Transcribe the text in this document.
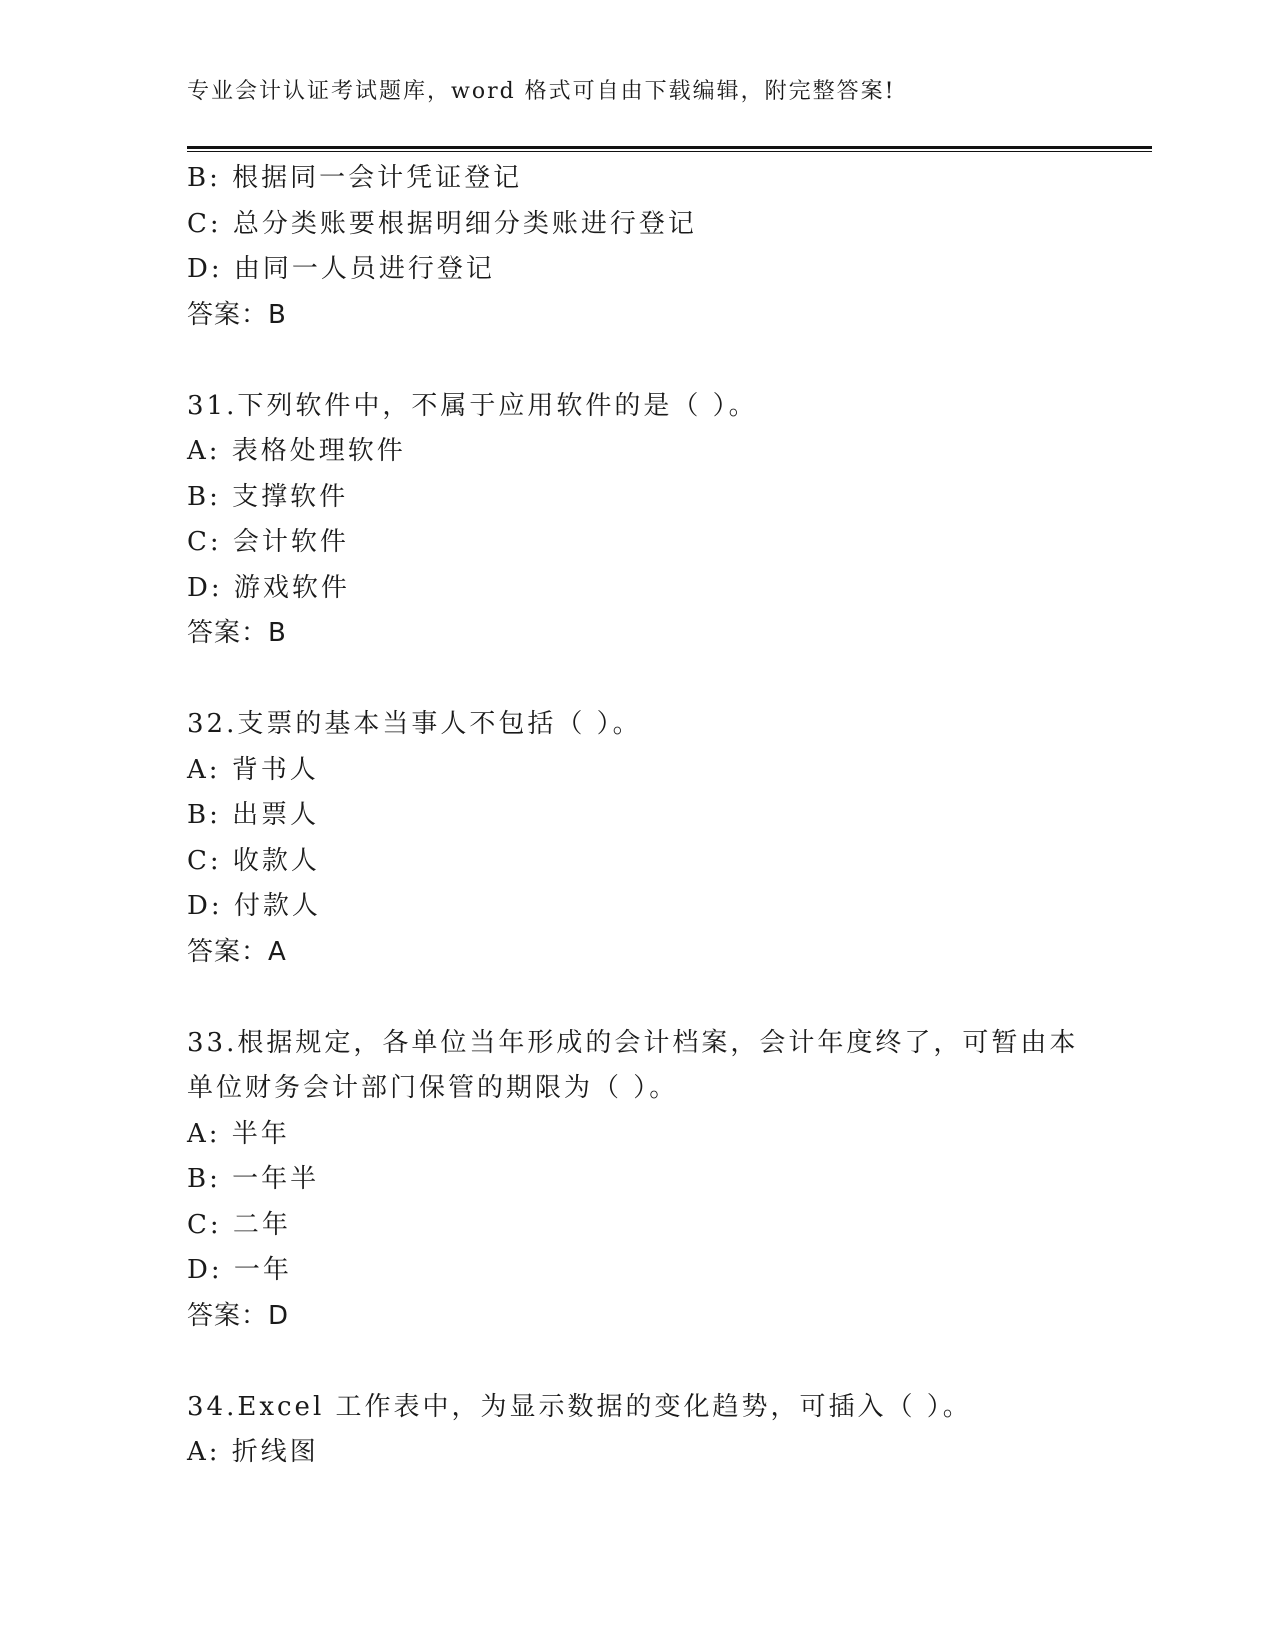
专业会计认证考试题库，word 格式可自由下载编辑，附完整答案!
B: 根据同一会计凭证登记
C: 总分类账要根据明细分类账进行登记
D: 由同一人员进行登记
答案：B
31.下列软件中，不属于应用软件的是（ ）。
A: 表格处理软件
B: 支撑软件
C: 会计软件
D: 游戏软件
答案：B
32.支票的基本当事人不包括（ ）。
A: 背书人
B: 出票人
C: 收款人
D: 付款人
答案：A
33.根据规定，各单位当年形成的会计档案，会计年度终了，可暂由本
单位财务会计部门保管的期限为（ ）。
A: 半年
B: 一年半
C: 二年
D: 一年
答案：D
34.Excel 工作表中，为显示数据的变化趋势，可插入（ ）。
A: 折线图
